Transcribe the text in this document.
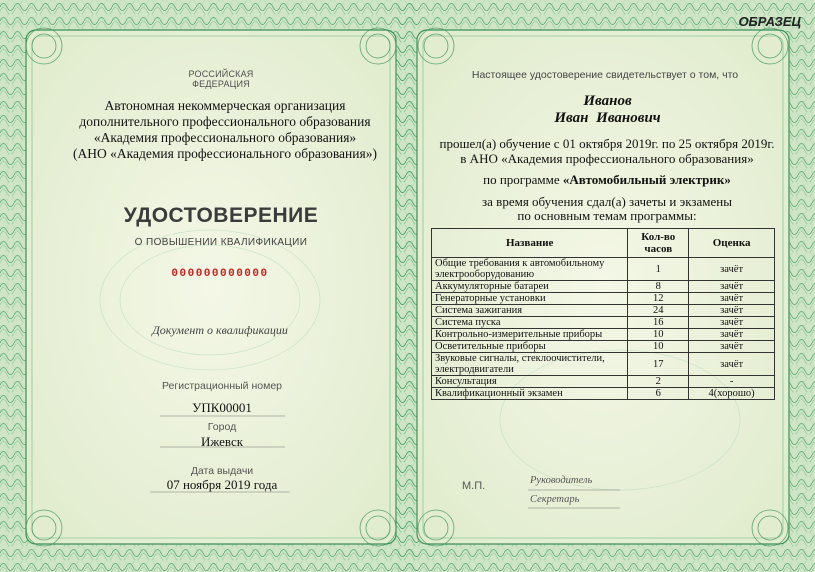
ОБРАЗЕЦ
РОССИЙСКАЯ ФЕДЕРАЦИЯ
Автономная некоммерческая организация
дополнительного профессионального образования
«Академия профессионального образования»
(АНО «Академия профессионального образования»)
УДОСТОВЕРЕНИЕ
О ПОВЫШЕНИИ КВАЛИФИКАЦИИ
000000000000
Документ о квалификации
Регистрационный номер
УПК00001
Город
Ижевск
Дата выдачи
07 ноября 2019 года
Настоящее удостоверение свидетельствует о том, что
Иванов
Иван Иванович
прошел(а) обучение с 01 октября 2019г. по 25 октября 2019г.
в АНО «Академия профессионального образования»
по программе «Автомобильный электрик»
за время обучения сдал(а) зачеты и экзамены
по основным темам программы:
Название	Кол-во часов	Оценка
Общие требования к автомобильному электрооборудованию	1	зачёт
Аккумуляторные батареи	8	зачёт
Генераторные установки	12	зачёт
Система зажигания	24	зачёт
Система пуска	16	зачёт
Контрольно-измерительные приборы	10	зачёт
Осветительные приборы	10	зачёт
Звуковые сигналы, стеклоочистители, электродвигатели	17	зачёт
Консультация	2	-
Квалификационный экзамен	6	4(хорошо)
М.П.	Руководитель
Секретарь
